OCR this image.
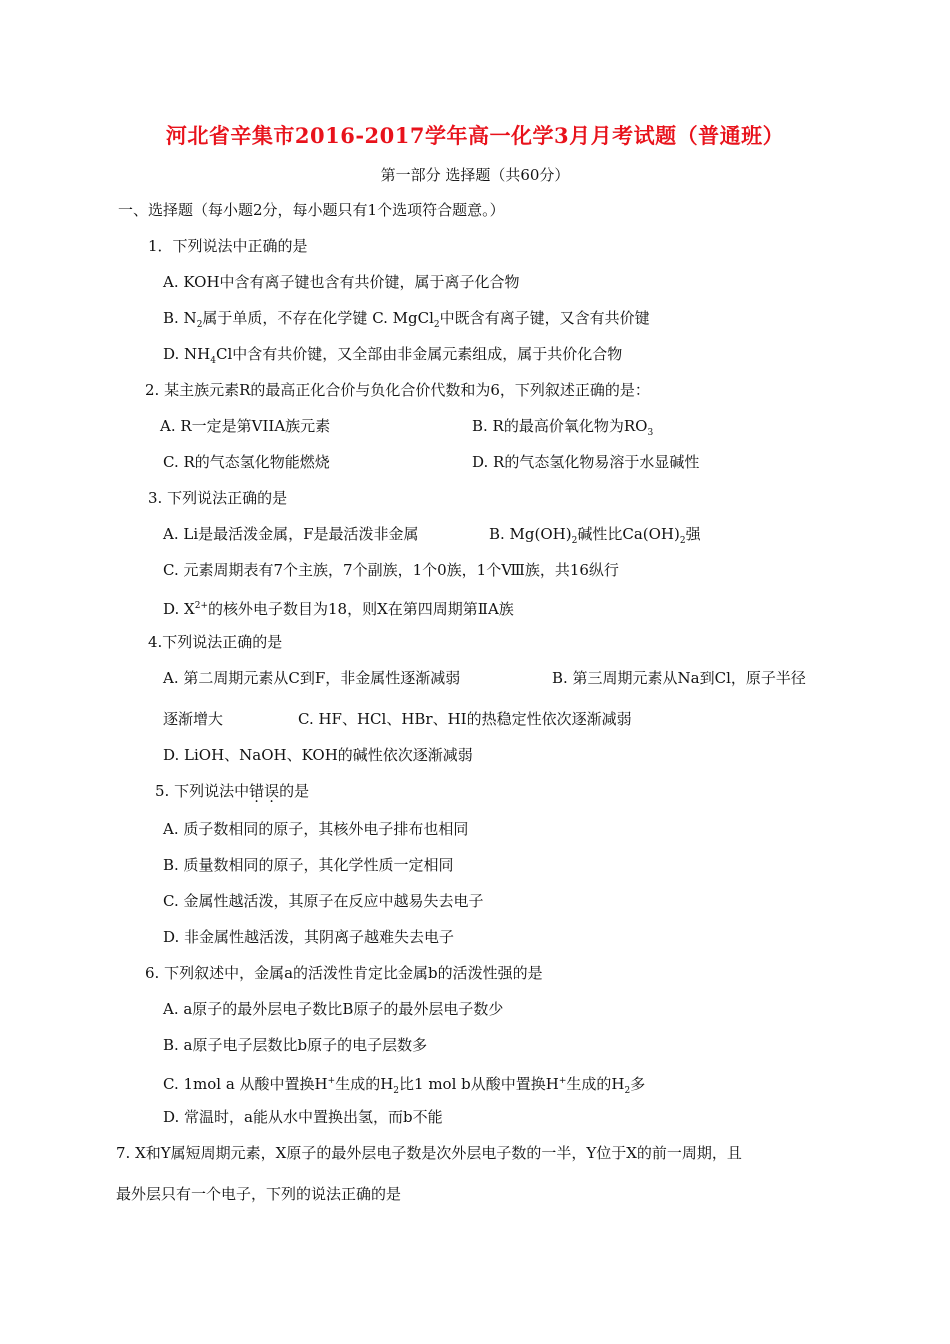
河北省辛集市2016-2017学年高一化学3月月考试题（普通班）
第一部分 选择题（共60分）
一、选择题（每小题2分，每小题只有1个选项符合题意。）
1．下列说法中正确的是
A. KOH中含有离子键也含有共价键，属于离子化合物
B. $N_2$属于单质，不存在化学键 C. MgCl$_2$中既含有离子键，又含有共价键
D. $NH_4Cl$中含有共价键，又全部由非金属元素组成，属于共价化合物
2. 某主族元素R的最高正化合价与负化合价代数和为6，下列叙述正确的是：
A. R一定是第VIIA族元素	B. R的最高价氧化物为$RO_3$
C. R的气态氢化物能燃烧	D. R的气态氢化物易溶于水显碱性
3. 下列说法正确的是
A. Li是最活泼金属，F是最活泼非金属	B. $Mg(OH)_2$碱性比$Ca(OH)_2$强
C. 元素周期表有7个主族，7个副族，1个0族，1个Ⅷ族，共16纵行
D. $X^{2+}$的核外电子数目为18，则X在第四周期第ⅡA族
4.下列说法正确的是
A. 第二周期元素从C到F，非金属性逐渐减弱	B. 第三周期元素从Na到Cl，原子半径
逐渐增大	C. HF、HCl、HBr、HI的热稳定性依次逐渐减弱
D. LiOH、NaOH、KOH的碱性依次逐渐减弱
5. 下列说法中错误的是
A. 质子数相同的原子，其核外电子排布也相同
B. 质量数相同的原子，其化学性质一定相同
C. 金属性越活泼，其原子在反应中越易失去电子
D. 非金属性越活泼，其阴离子越难失去电子
6. 下列叙述中，金属a的活泼性肯定比金属b的活泼性强的是
A. a原子的最外层电子数比B原子的最外层电子数少
B. a原子电子层数比b原子的电子层数多
C. 1mol a 从酸中置换H+生成的$H_2$比1 mol b从酸中置换H+生成的$H_2$多
D. 常温时，a能从水中置换出氢，而b不能
7. X和Y属短周期元素，X原子的最外层电子数是次外层电子数的一半，Y位于X的前一周期，且
最外层只有一个电子，下列的说法正确的是
